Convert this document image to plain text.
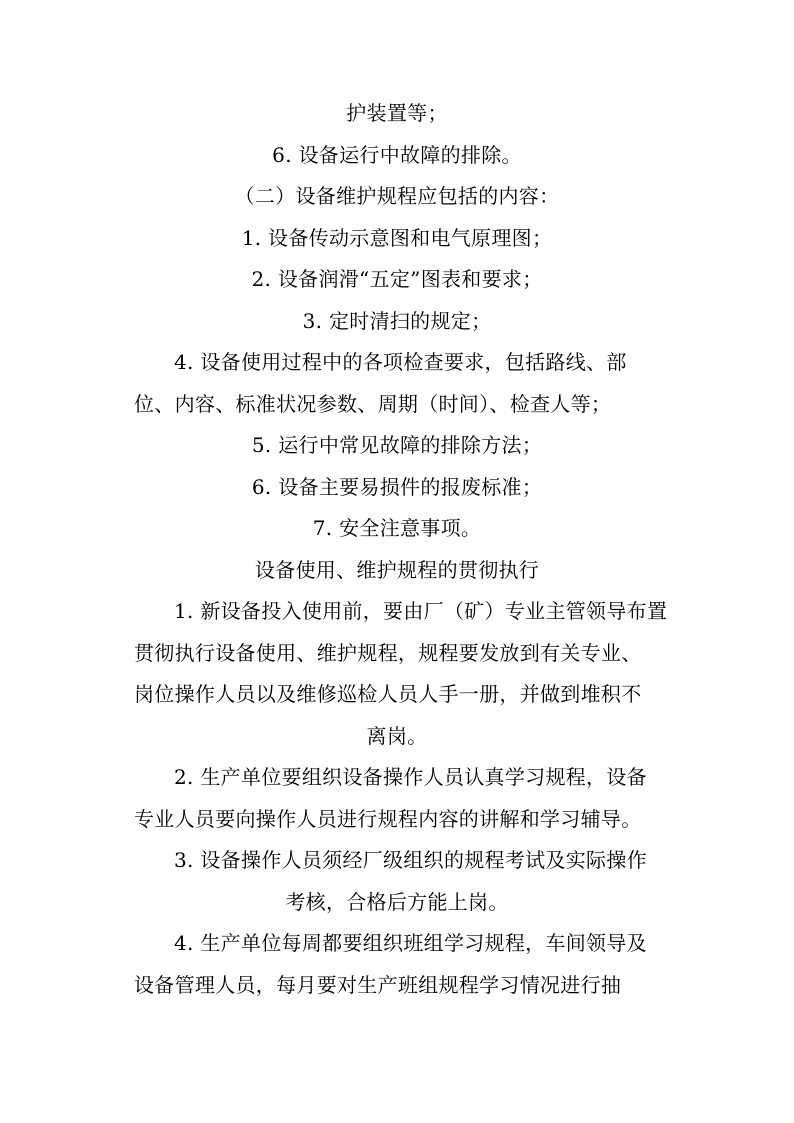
护装置等；
6. 设备运行中故障的排除。
（二）设备维护规程应包括的内容：
1. 设备传动示意图和电气原理图；
2. 设备润滑“五定”图表和要求；
3. 定时清扫的规定；
4. 设备使用过程中的各项检查要求，包括路线、部
位、内容、标准状况参数、周期（时间）、检查人等；
5. 运行中常见故障的排除方法；
6. 设备主要易损件的报废标准；
7. 安全注意事项。
设备使用、维护规程的贯彻执行
1. 新设备投入使用前，要由厂（矿）专业主管领导布置
贯彻执行设备使用、维护规程，规程要发放到有关专业、
岗位操作人员以及维修巡检人员人手一册，并做到堆积不
离岗。
2. 生产单位要组织设备操作人员认真学习规程，设备
专业人员要向操作人员进行规程内容的讲解和学习辅导。
3. 设备操作人员须经厂级组织的规程考试及实际操作
考核，合格后方能上岗。
4. 生产单位每周都要组织班组学习规程，车间领导及
设备管理人员，每月要对生产班组规程学习情况进行抽
